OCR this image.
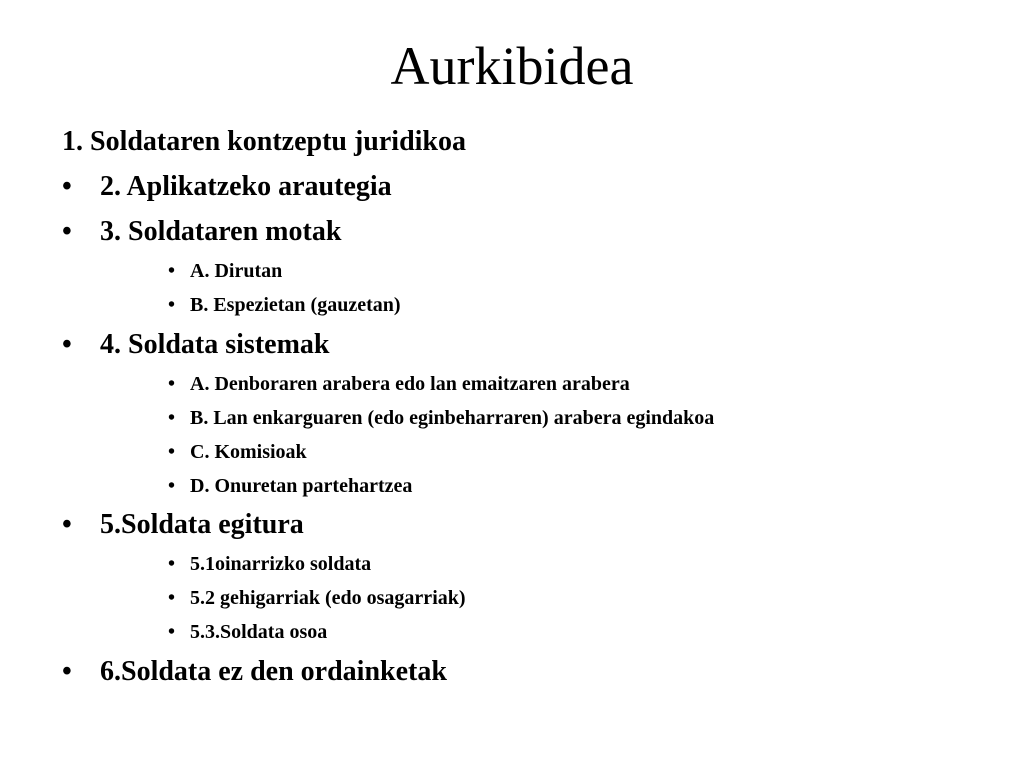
Aurkibidea
1. Soldataren kontzeptu juridikoa
• 2. Aplikatzeko arautegia
• 3. Soldataren motak
• A. Dirutan
• B. Espezietan (gauzetan)
• 4. Soldata sistemak
• A. Denboraren arabera edo lan emaitzaren arabera
• B. Lan enkarguaren (edo eginbeharraren) arabera egindakoa
• C. Komisioak
• D. Onuretan partehartzea
• 5.Soldata egitura
• 5.1oinarrizko soldata
• 5.2 gehigarriak (edo osagarriak)
• 5.3.Soldata osoa
• 6.Soldata ez den ordainketak
